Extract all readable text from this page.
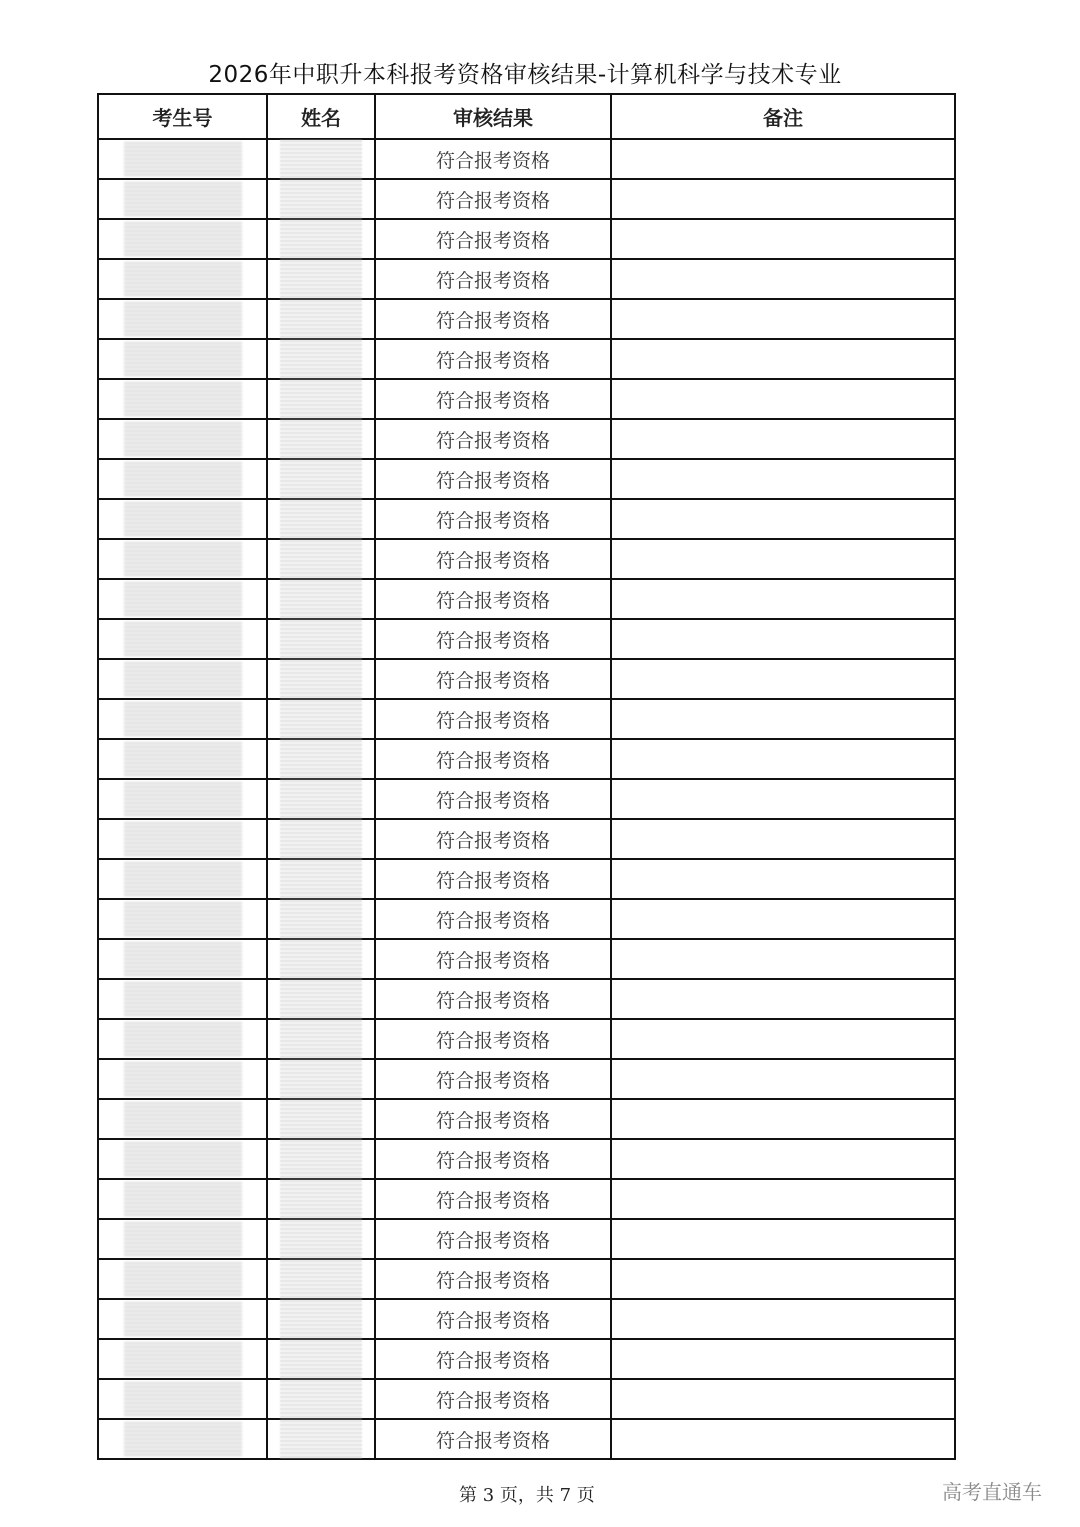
2026年中职升本科报考资格审核结果-计算机科学与技术专业
考生号	姓名	审核结果	备注
		符合报考资格	
		符合报考资格	
		符合报考资格	
		符合报考资格	
		符合报考资格	
		符合报考资格	
		符合报考资格	
		符合报考资格	
		符合报考资格	
		符合报考资格	
		符合报考资格	
		符合报考资格	
		符合报考资格	
		符合报考资格	
		符合报考资格	
		符合报考资格	
		符合报考资格	
		符合报考资格	
		符合报考资格	
		符合报考资格	
		符合报考资格	
		符合报考资格	
		符合报考资格	
		符合报考资格	
		符合报考资格	
		符合报考资格	
		符合报考资格	
		符合报考资格	
		符合报考资格	
		符合报考资格	
		符合报考资格	
		符合报考资格	
		符合报考资格	
第 3 页，共 7 页	高考直通车
